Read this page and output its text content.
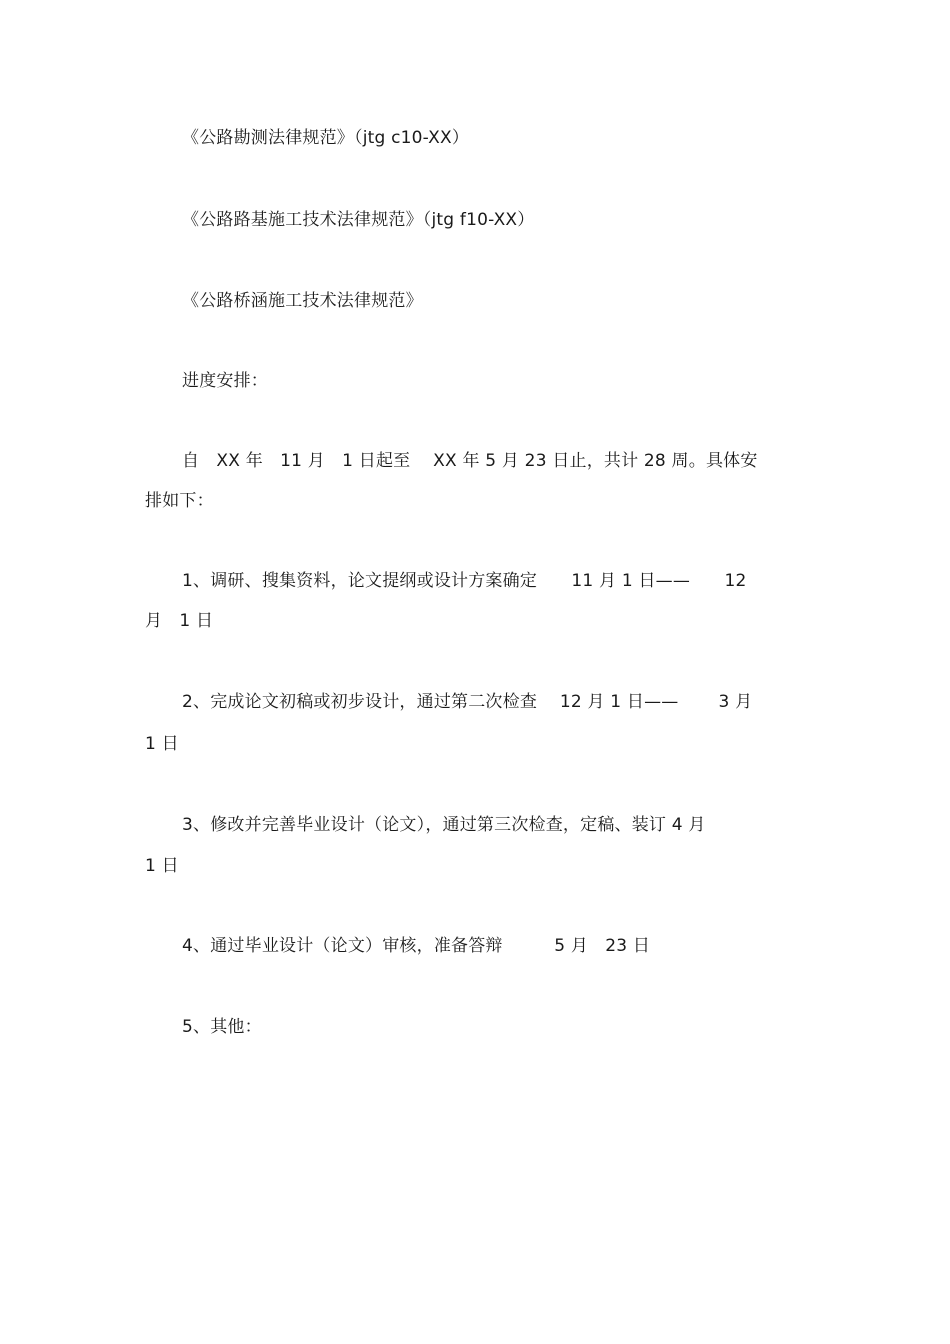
《公路勘测法律规范》（jtg c10-XX）
《公路路基施工技术法律规范》（jtg f10-XX）
《公路桥涵施工技术法律规范》
进度安排：
自　XX 年　11 月　1 日起至　 XX 年 5 月 23 日止，共计 28 周。具体安
排如下：
1、调研、搜集资料，论文提纲或设计方案确定　　11 月 1 日——　　12
月　1 日
2、完成论文初稿或初步设计，通过第二次检查　 12 月 1 日——　　 3 月
1 日
3、修改并完善毕业设计（论文），通过第三次检查，定稿、装订 4 月
1 日
4、通过毕业设计（论文）审核，准备答辩　　　5 月　23 日
5、其他：
